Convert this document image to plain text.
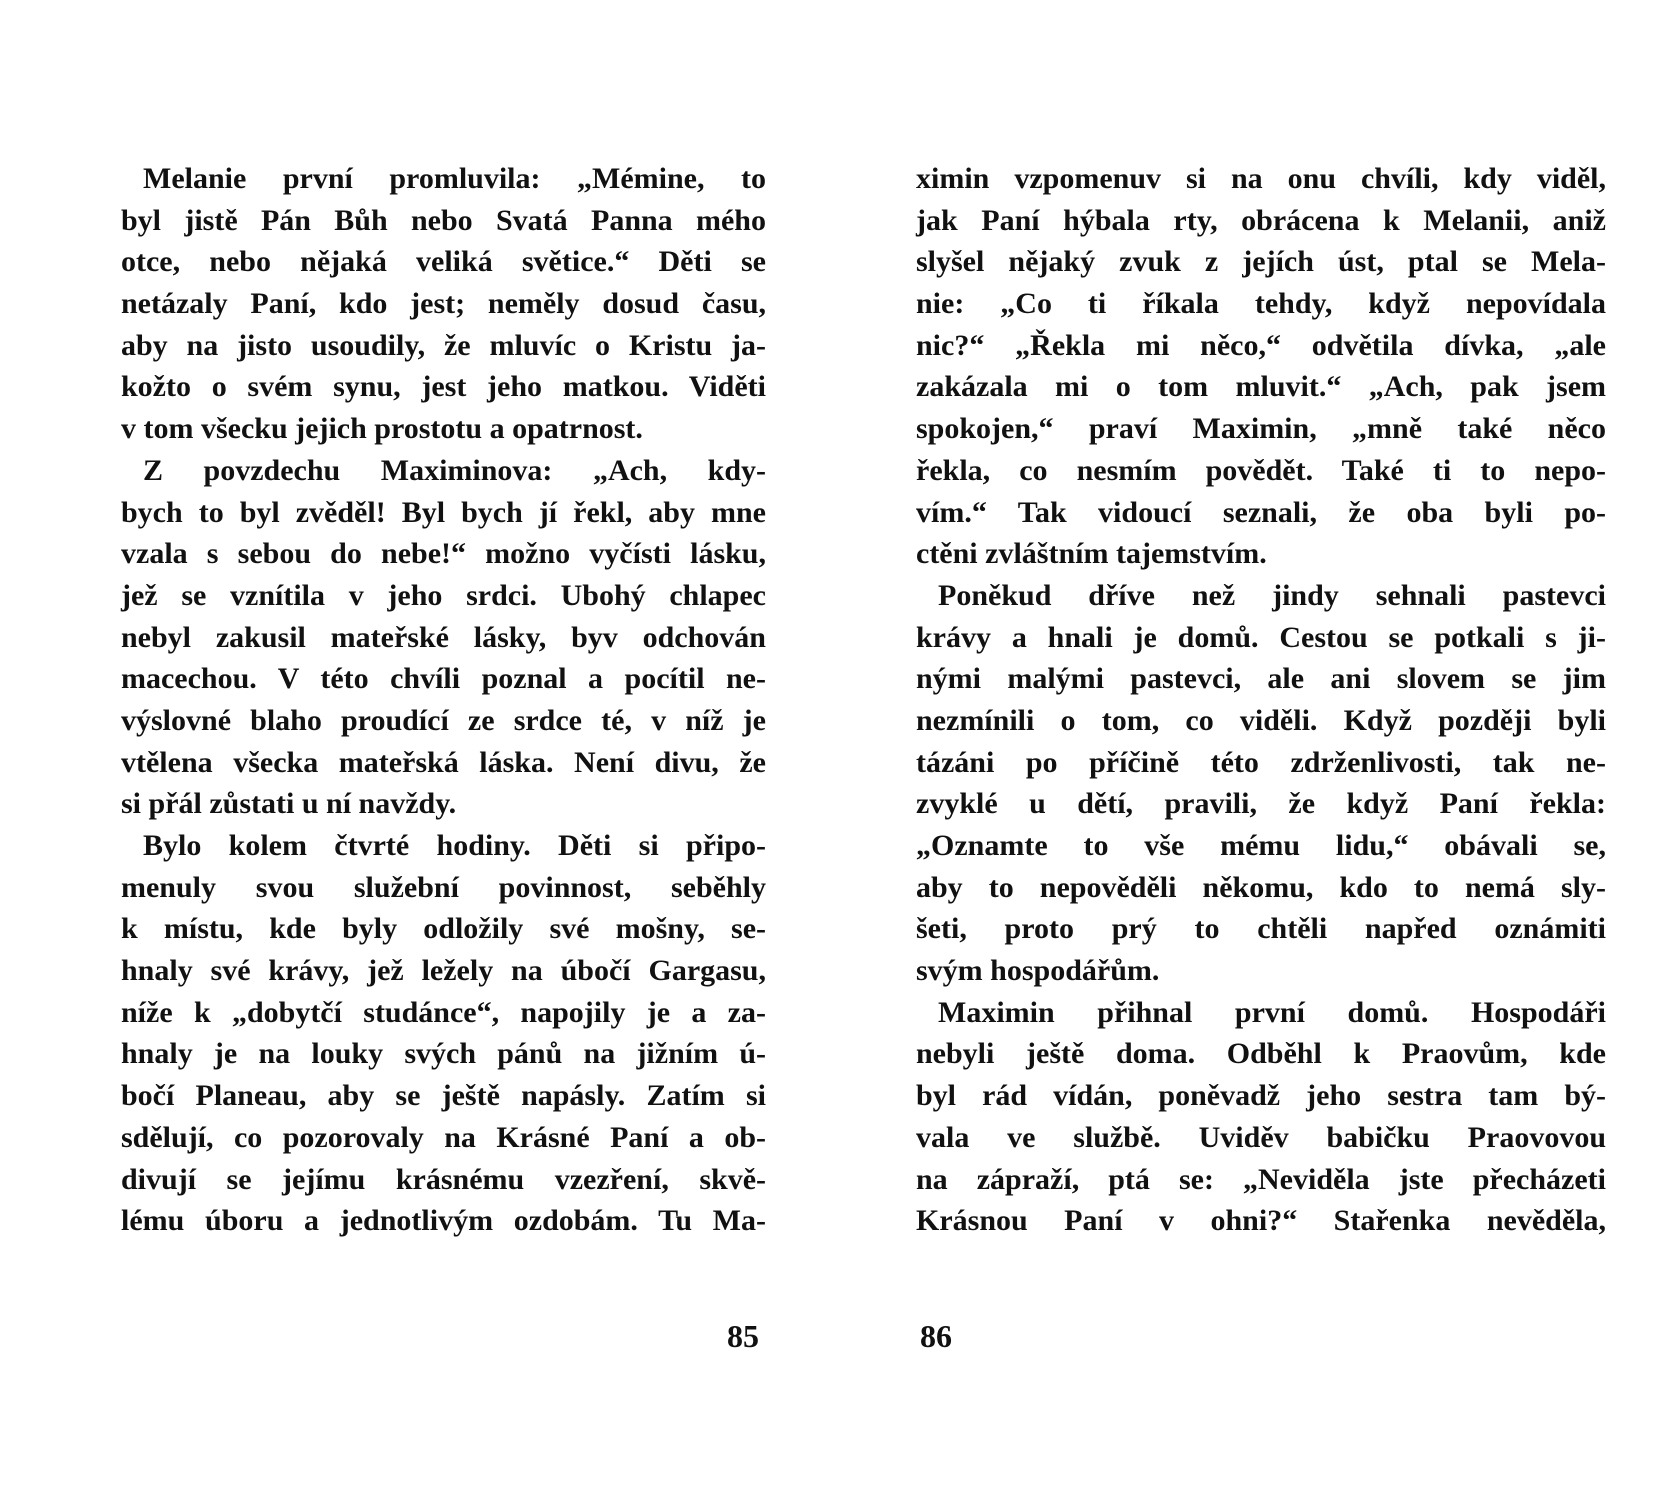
Melanie první promluvila: „Mémine, to
byl jistě Pán Bůh nebo Svatá Panna mého
otce, nebo nějaká veliká světice.“ Děti se
netázaly Paní, kdo jest; neměly dosud času,
aby na jisto usoudily, že mluvíc o Kristu ja-
kožto o svém synu, jest jeho matkou. Viděti
v tom všecku jejich prostotu a opatrnost.
Z povzdechu Maximinova: „Ach, kdy-
bych to byl zvěděl! Byl bych jí řekl, aby mne
vzala s sebou do nebe!“ možno vyčísti lásku,
jež se vznítila v jeho srdci. Ubohý chlapec
nebyl zakusil mateřské lásky, byv odchován
macechou. V této chvíli poznal a pocítil ne-
výslovné blaho proudící ze srdce té, v níž je
vtělena všecka mateřská láska. Není divu, že
si přál zůstati u ní navždy.
Bylo kolem čtvrté hodiny. Děti si připo-
menuly svou služební povinnost, seběhly
k místu, kde byly odložily své mošny, se-
hnaly své krávy, jež ležely na úbočí Gargasu,
níže k „dobytčí studánce“, napojily je a za-
hnaly je na louky svých pánů na jižním ú-
bočí Planeau, aby se ještě napásly. Zatím si
sdělují, co pozorovaly na Krásné Paní a ob-
divují se jejímu krásnému vzezření, skvě-
lému úboru a jednotlivým ozdobám. Tu Ma-
ximin vzpomenuv si na onu chvíli, kdy viděl,
jak Paní hýbala rty, obrácena k Melanii, aniž
slyšel nějaký zvuk z jejích úst, ptal se Mela-
nie: „Co ti říkala tehdy, když nepovídala
nic?“ „Řekla mi něco,“ odvětila dívka, „ale
zakázala mi o tom mluvit.“ „Ach, pak jsem
spokojen,“ praví Maximin, „mně také něco
řekla, co nesmím povědět. Také ti to nepo-
vím.“ Tak vidoucí seznali, že oba byli po-
ctěni zvláštním tajemstvím.
Poněkud dříve než jindy sehnali pastevci
krávy a hnali je domů. Cestou se potkali s ji-
nými malými pastevci, ale ani slovem se jim
nezmínili o tom, co viděli. Když později byli
tázáni po příčině této zdrženlivosti, tak ne-
zvyklé u dětí, pravili, že když Paní řekla:
„Oznamte to vše mému lidu,“ obávali se,
aby to nepověděli někomu, kdo to nemá sly-
šeti, proto prý to chtěli napřed oznámiti
svým hospodářům.
Maximin přihnal první domů. Hospodáři
nebyli ještě doma. Odběhl k Praovům, kde
byl rád vídán, poněvadž jeho sestra tam bý-
vala ve službě. Uviděv babičku Praovovou
na zápraží, ptá se: „Neviděla jste přecházeti
Krásnou Paní v ohni?“ Stařenka nevěděla,
85	86
